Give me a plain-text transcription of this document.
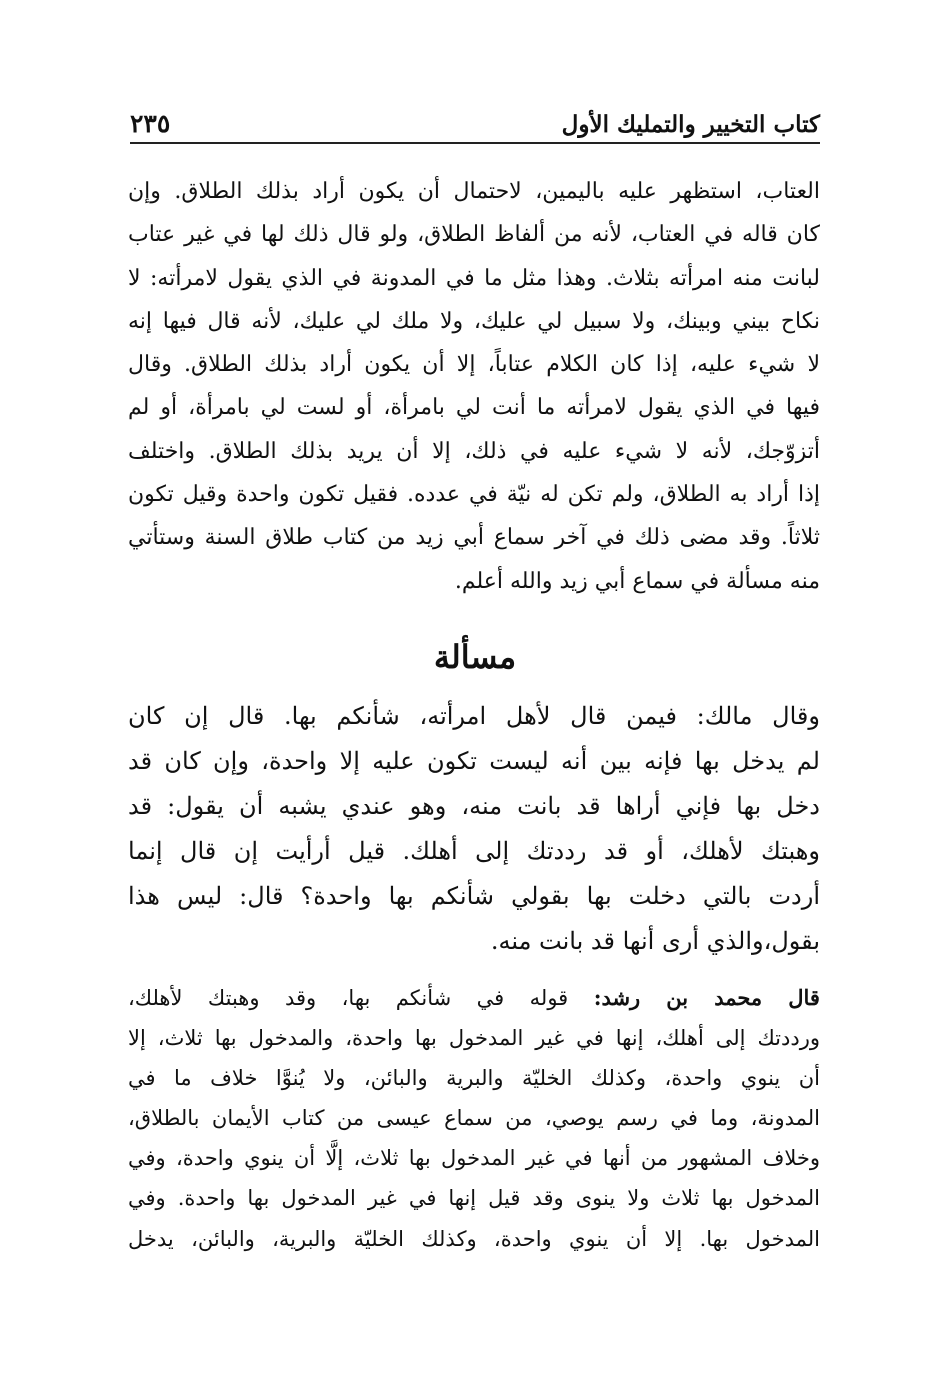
كتاب التخيير والتمليك الأول
٢٣٥
العتاب، استظهر عليه باليمين، لاحتمال أن يكون أراد بذلك الطلاق. وإن
كان قاله في العتاب، لأنه من ألفاظ الطلاق، ولو قال ذلك لها في غير عتاب
لبانت منه امرأته بثلاث. وهذا مثل ما في المدونة في الذي يقول لامرأته: لا
نكاح بيني وبينك، ولا سبيل لي عليك، ولا ملك لي عليك، لأنه قال فيها إنه
لا شيء عليه، إذا كان الكلام عتاباً، إلا أن يكون أراد بذلك الطلاق. وقال
فيها في الذي يقول لامرأته ما أنت لي بامرأة، أو لست لي بامرأة، أو لم
أتزوّجك، لأنه لا شيء عليه في ذلك، إلا أن يريد بذلك الطلاق. واختلف
إذا أراد به الطلاق، ولم تكن له نيّة في عدده. فقيل تكون واحدة وقيل تكون
ثلاثاً. وقد مضى ذلك في آخر سماع أبي زيد من كتاب طلاق السنة وستأتي
منه مسألة في سماع أبي زيد والله أعلم.
مسألة
وقال مالك: فيمن قال لأهل امرأته، شأنكم بها. قال إن كان
لم يدخل بها فإنه بين أنه ليست تكون عليه إلا واحدة، وإن كان قد
دخل بها فإني أراها قد بانت منه، وهو عندي يشبه أن يقول: قد
وهبتك لأهلك، أو قد رددتك إلى أهلك. قيل أرأيت إن قال إنما
أردت بالتي دخلت بها بقولي شأنكم بها واحدة؟ قال: ليس هذا
بقول،والذي أرى أنها قد بانت منه.
قال محمد بن رشد: قوله في شأنكم بها، وقد وهبتك لأهلك،
ورددتك إلى أهلك، إنها في غير المدخول بها واحدة، والمدخول بها ثلاث، إلا
أن ينوي واحدة، وكذلك الخليّة والبرية والبائن، ولا يُنوَّا خلاف ما في
المدونة، وما في رسم يوصي، من سماع عيسى من كتاب الأيمان بالطلاق،
وخلاف المشهور من أنها في غير المدخول بها ثلاث، إلَّا أن ينوي واحدة، وفي
المدخول بها ثلاث ولا ينوى وقد قيل إنها في غير المدخول بها واحدة. وفي
المدخول بها. إلا أن ينوي واحدة، وكذلك الخليّة والبرية، والبائن، يدخل
